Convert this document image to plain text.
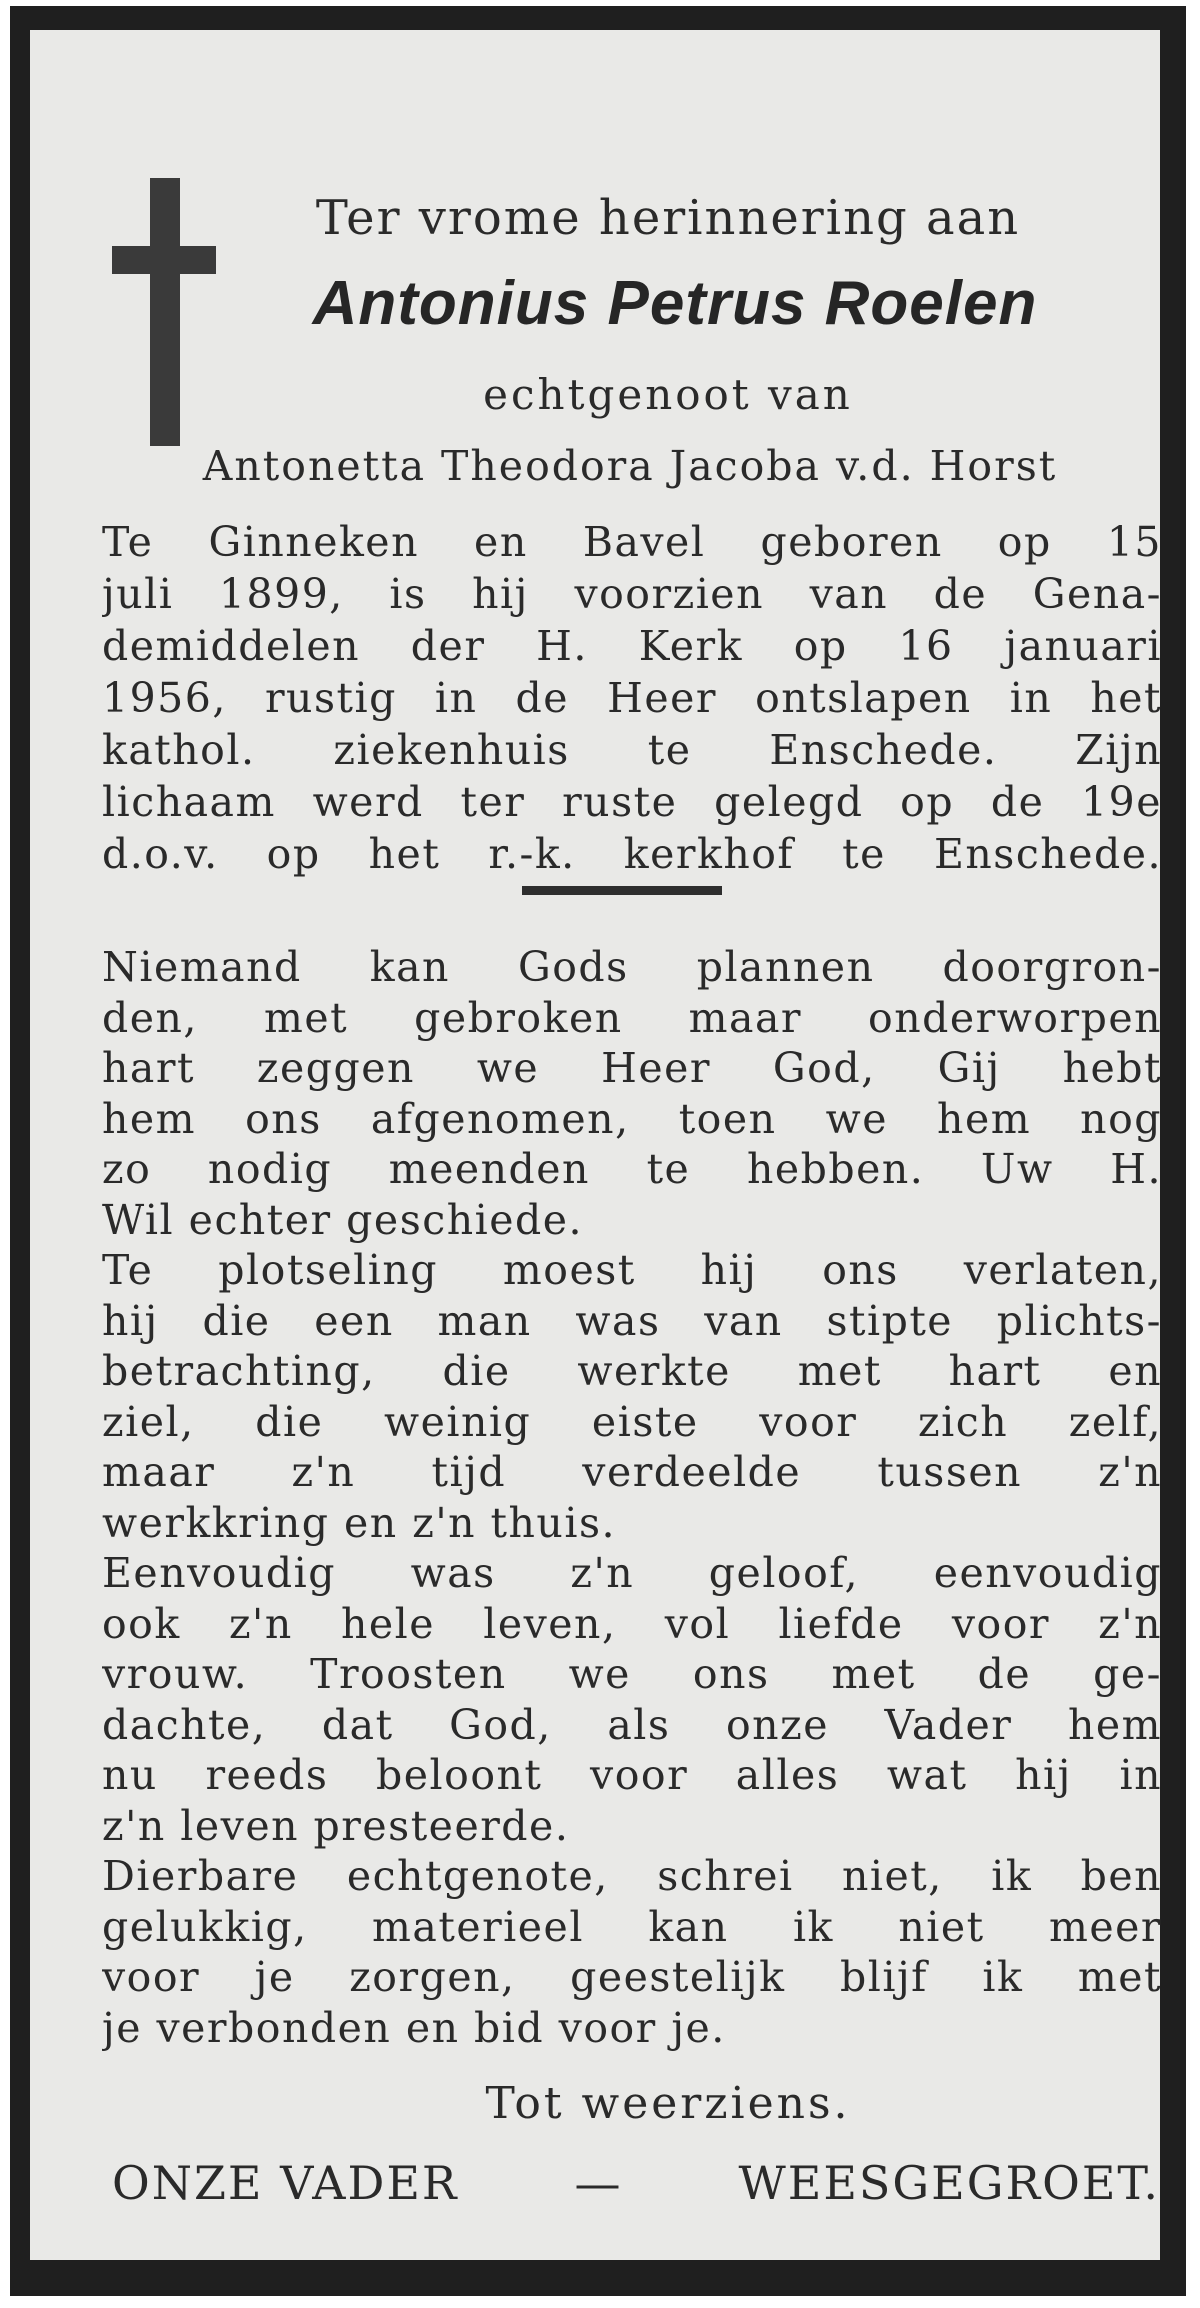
Ter vrome herinnering aan
Antonius Petrus Roelen
echtgenoot van
Antonetta Theodora Jacoba v.d. Horst
Te Ginneken en Bavel geboren op 15
juli 1899, is hij voorzien van de Gena-
demiddelen der H. Kerk op 16 januari
1956, rustig in de Heer ontslapen in het
kathol. ziekenhuis te Enschede. Zijn
lichaam werd ter ruste gelegd op de 19e
d.o.v. op het r.-k. kerkhof te Enschede.
Niemand kan Gods plannen doorgron-
den, met gebroken maar onderworpen
hart zeggen we Heer God, Gij hebt
hem ons afgenomen, toen we hem nog
zo nodig meenden te hebben. Uw H.
Wil echter geschiede.
Te plotseling moest hij ons verlaten,
hij die een man was van stipte plichts-
betrachting, die werkte met hart en
ziel, die weinig eiste voor zich zelf,
maar z'n tijd verdeelde tussen z'n
werkkring en z'n thuis.
Eenvoudig was z'n geloof, eenvoudig
ook z'n hele leven, vol liefde voor z'n
vrouw. Troosten we ons met de ge-
dachte, dat God, als onze Vader hem
nu reeds beloont voor alles wat hij in
z'n leven presteerde.
Dierbare echtgenote, schrei niet, ik ben
gelukkig, materieel kan ik niet meer
voor je zorgen, geestelijk blijf ik met
je verbonden en bid voor je.
Tot weerziens.
ONZE VADER	—	WEESGEGROET.
